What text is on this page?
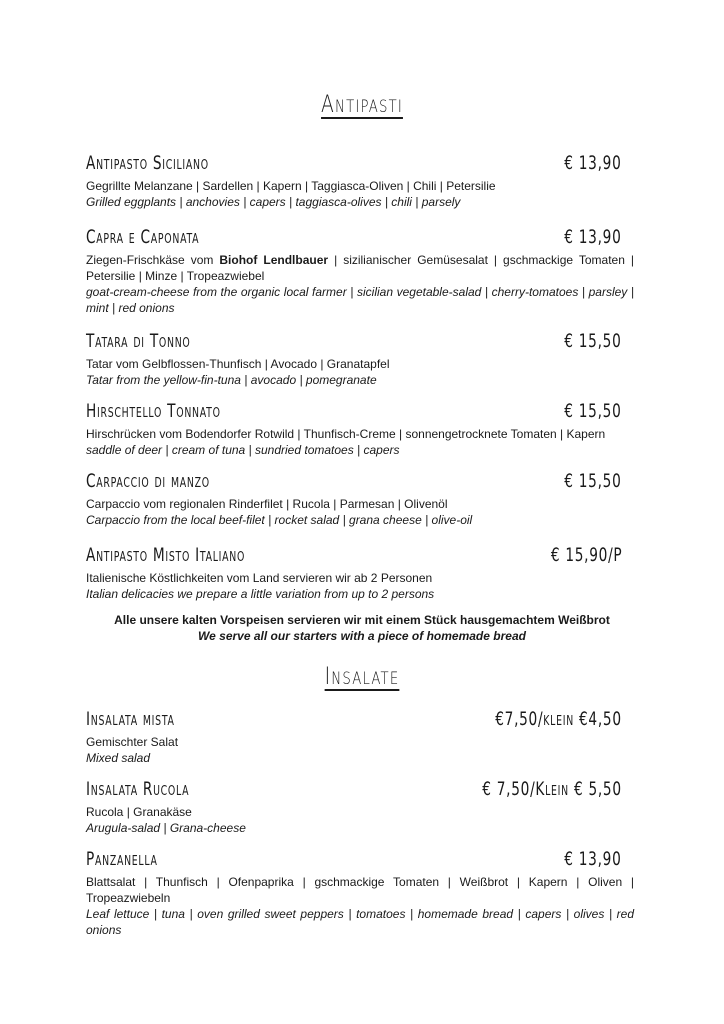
Antipasti
Antipasto Siciliano	€ 13,90
Gegrillte Melanzane | Sardellen | Kapern | Taggiasca-Oliven | Chili | Petersilie
Grilled eggplants | anchovies | capers | taggiasca-olives | chili | parsely
Capra e Caponata	€ 13,90
Ziegen-Frischkäse vom Biohof Lendlbauer | sizilianischer Gemüsesalat | gschmackige Tomaten | Petersilie | Minze | Tropeazwiebel
goat-cream-cheese from the organic local farmer | sicilian vegetable-salad | cherry-tomatoes | parsley | mint | red onions
Tatara di Tonno	€ 15,50
Tatar vom Gelbflossen-Thunfisch | Avocado | Granatapfel
Tatar from the yellow-fin-tuna | avocado | pomegranate
Hirschtello Tonnato	€ 15,50
Hirschrücken vom Bodendorfer Rotwild | Thunfisch-Creme | sonnengetrocknete Tomaten | Kapern
saddle of deer | cream of tuna | sundried tomatoes | capers
Carpaccio di manzo	€ 15,50
Carpaccio vom regionalen Rinderfilet | Rucola | Parmesan | Olivenöl
Carpaccio from the local beef-filet | rocket salad | grana cheese | olive-oil
Antipasto Misto Italiano	€ 15,90/P
Italienische Köstlichkeiten vom Land servieren wir ab 2 Personen
Italian delicacies we prepare a little variation from up to 2 persons
Alle unsere kalten Vorspeisen servieren wir mit einem Stück hausgemachtem Weißbrot
We serve all our starters with a piece of homemade bread
Insalate
Insalata mista	€7,50/klein €4,50
Gemischter Salat
Mixed salad
Insalata Rucola	€ 7,50/Klein € 5,50
Rucola | Granakäse
Arugula-salad | Grana-cheese
Panzanella	€ 13,90
Blattsalat | Thunfisch | Ofenpaprika | gschmackige Tomaten | Weißbrot | Kapern | Oliven | Tropeazwiebeln
Leaf lettuce | tuna | oven grilled sweet peppers | tomatoes | homemade bread | capers | olives | red onions
